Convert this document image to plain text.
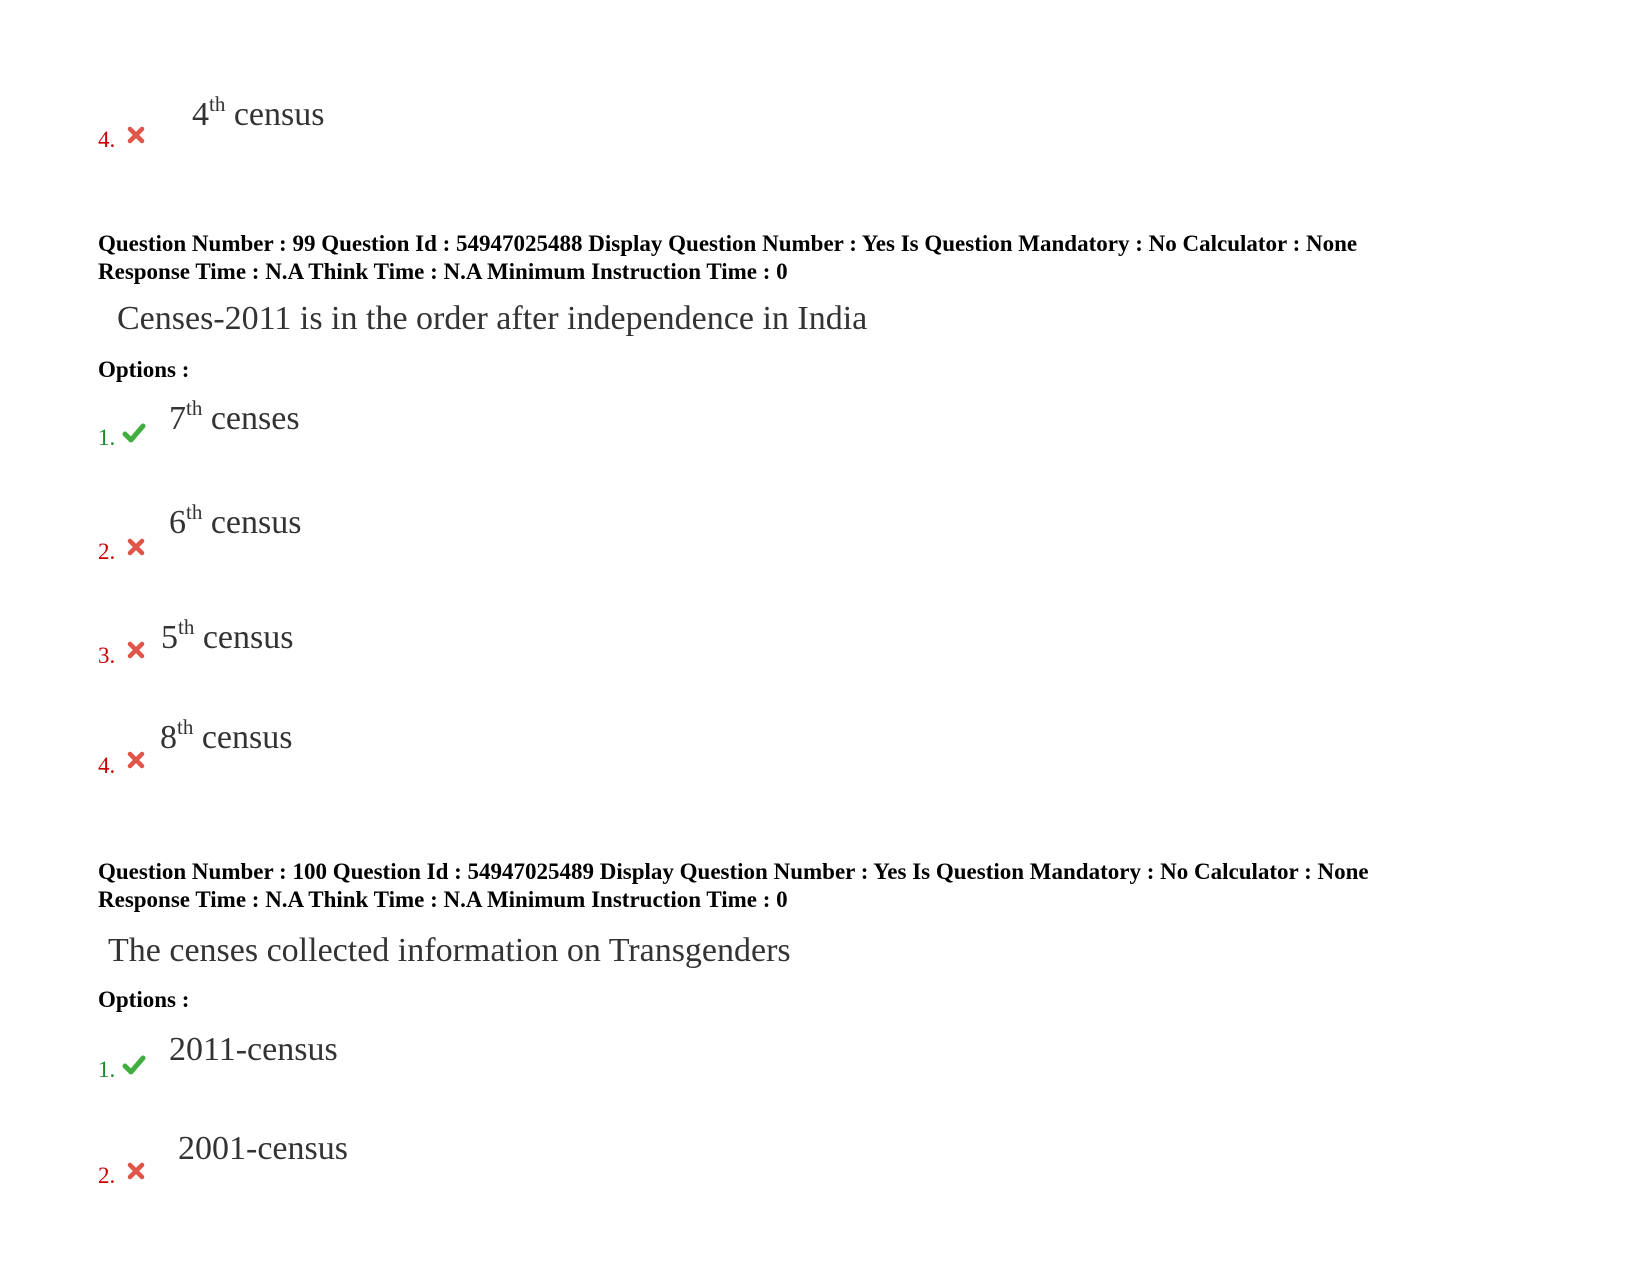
4.
4th census
Question Number : 99 Question Id : 54947025488 Display Question Number : Yes Is Question Mandatory : No Calculator : None
Response Time : N.A Think Time : N.A Minimum Instruction Time : 0
Censes-2011 is in the order after independence in India
Options :
1.
7th censes
2.
6th census
3. 5th census
4.
8th census
Question Number : 100 Question Id : 54947025489 Display Question Number : Yes Is Question Mandatory : No Calculator : None
Response Time : N.A Think Time : N.A Minimum Instruction Time : 0
The censes collected information on Transgenders
Options :
1.
2011-census
2.
2001-census
